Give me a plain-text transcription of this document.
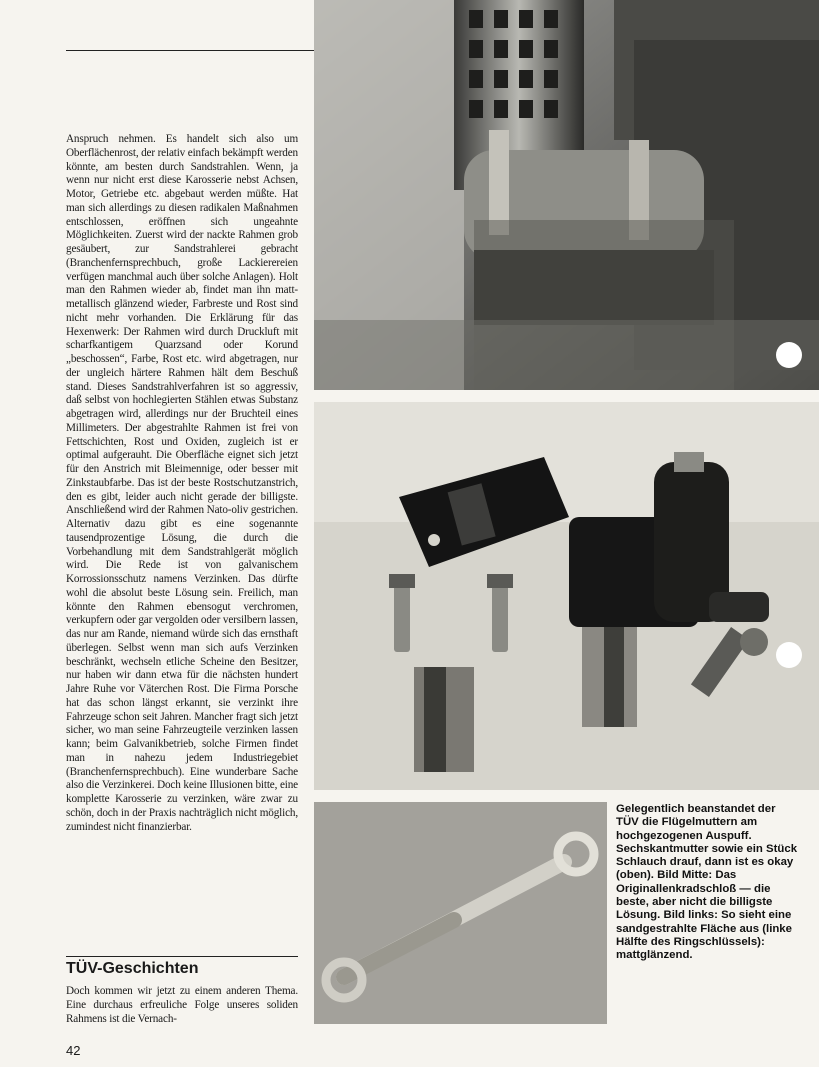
Anspruch nehmen. Es handelt sich also um Oberflächenrost, der relativ einfach bekämpft werden könnte, am besten durch Sandstrahlen. Wenn, ja wenn nur nicht erst diese Karosserie nebst Achsen, Motor, Getriebe etc. abgebaut werden müßte. Hat man sich allerdings zu diesen radikalen Maßnahmen entschlossen, eröffnen sich ungeahnte Möglichkeiten. Zuerst wird der nackte Rahmen grob gesäubert, zur Sandstrahlerei gebracht (Branchenfernsprechbuch, große Lackierereien verfügen manchmal auch über solche Anlagen). Holt man den Rahmen wieder ab, findet man ihn matt-metallisch glänzend wieder, Farbreste und Rost sind nicht mehr vorhanden. Die Erklärung für das Hexenwerk: Der Rahmen wird durch Druckluft mit scharfkantigem Quarzsand oder Korund „beschossen“, Farbe, Rost etc. wird abgetragen, nur der ungleich härtere Rahmen hält dem Beschuß stand. Dieses Sandstrahlverfahren ist so aggressiv, daß selbst von hochlegierten Stählen etwas Substanz abgetragen wird, allerdings nur der Bruchteil eines Millimeters. Der abgestrahlte Rahmen ist frei von Fettschichten, Rost und Oxiden, zugleich ist er optimal aufgerauht. Die Oberfläche eignet sich jetzt für den Anstrich mit Bleimennige, oder besser mit Zinkstaubfarbe. Das ist der beste Rostschutzanstrich, den es gibt, leider auch nicht gerade der billigste. Anschließend wird der Rahmen Nato-oliv gestrichen. Alternativ dazu gibt es eine sogenannte tausendprozentige Lösung, die durch die Vorbehandlung mit dem Sandstrahlgerät möglich wird. Die Rede ist von galvanischem Korrossionsschutz namens Verzinken. Das dürfte wohl die absolut beste Lösung sein. Freilich, man könnte den Rahmen ebensogut verchromen, verkupfern oder gar vergolden oder versilbern lassen, das nur am Rande, niemand würde sich das ernsthaft überlegen. Selbst wenn man sich aufs Verzinken beschränkt, wechseln etliche Scheine den Besitzer, nur haben wir dann etwa für die nächsten hundert Jahre Ruhe vor Väterchen Rost. Die Firma Porsche hat das schon längst erkannt, sie verzinkt ihre Fahrzeuge schon seit Jahren. Mancher fragt sich jetzt sicher, wo man seine Fahrzeugteile verzinken lassen kann; beim Galvanikbetrieb, solche Firmen findet man in nahezu jedem Industriegebiet (Branchenfernsprechbuch). Eine wunderbare Sache also die Verzinkerei. Doch keine Illusionen bitte, eine komplette Karosserie zu verzinken, wäre zwar zu schön, doch in der Praxis nachträglich nicht möglich, zumindest nicht finanzierbar.

TÜV-Geschichten

Doch kommen wir jetzt zu einem anderen Thema. Eine durchaus erfreuliche Folge unseres soliden Rahmens ist die Vernach-

42

Gelegentlich beanstandet der TÜV die Flügelmuttern am hochgezogenen Auspuff. Sechskantmutter sowie ein Stück Schlauch drauf, dann ist es okay (oben). Bild Mitte: Das Originallenkradschloß — die beste, aber nicht die billigste Lösung. Bild links: So sieht eine sandgestrahlte Fläche aus (linke Hälfte des Ringschlüssels): mattglänzend.
